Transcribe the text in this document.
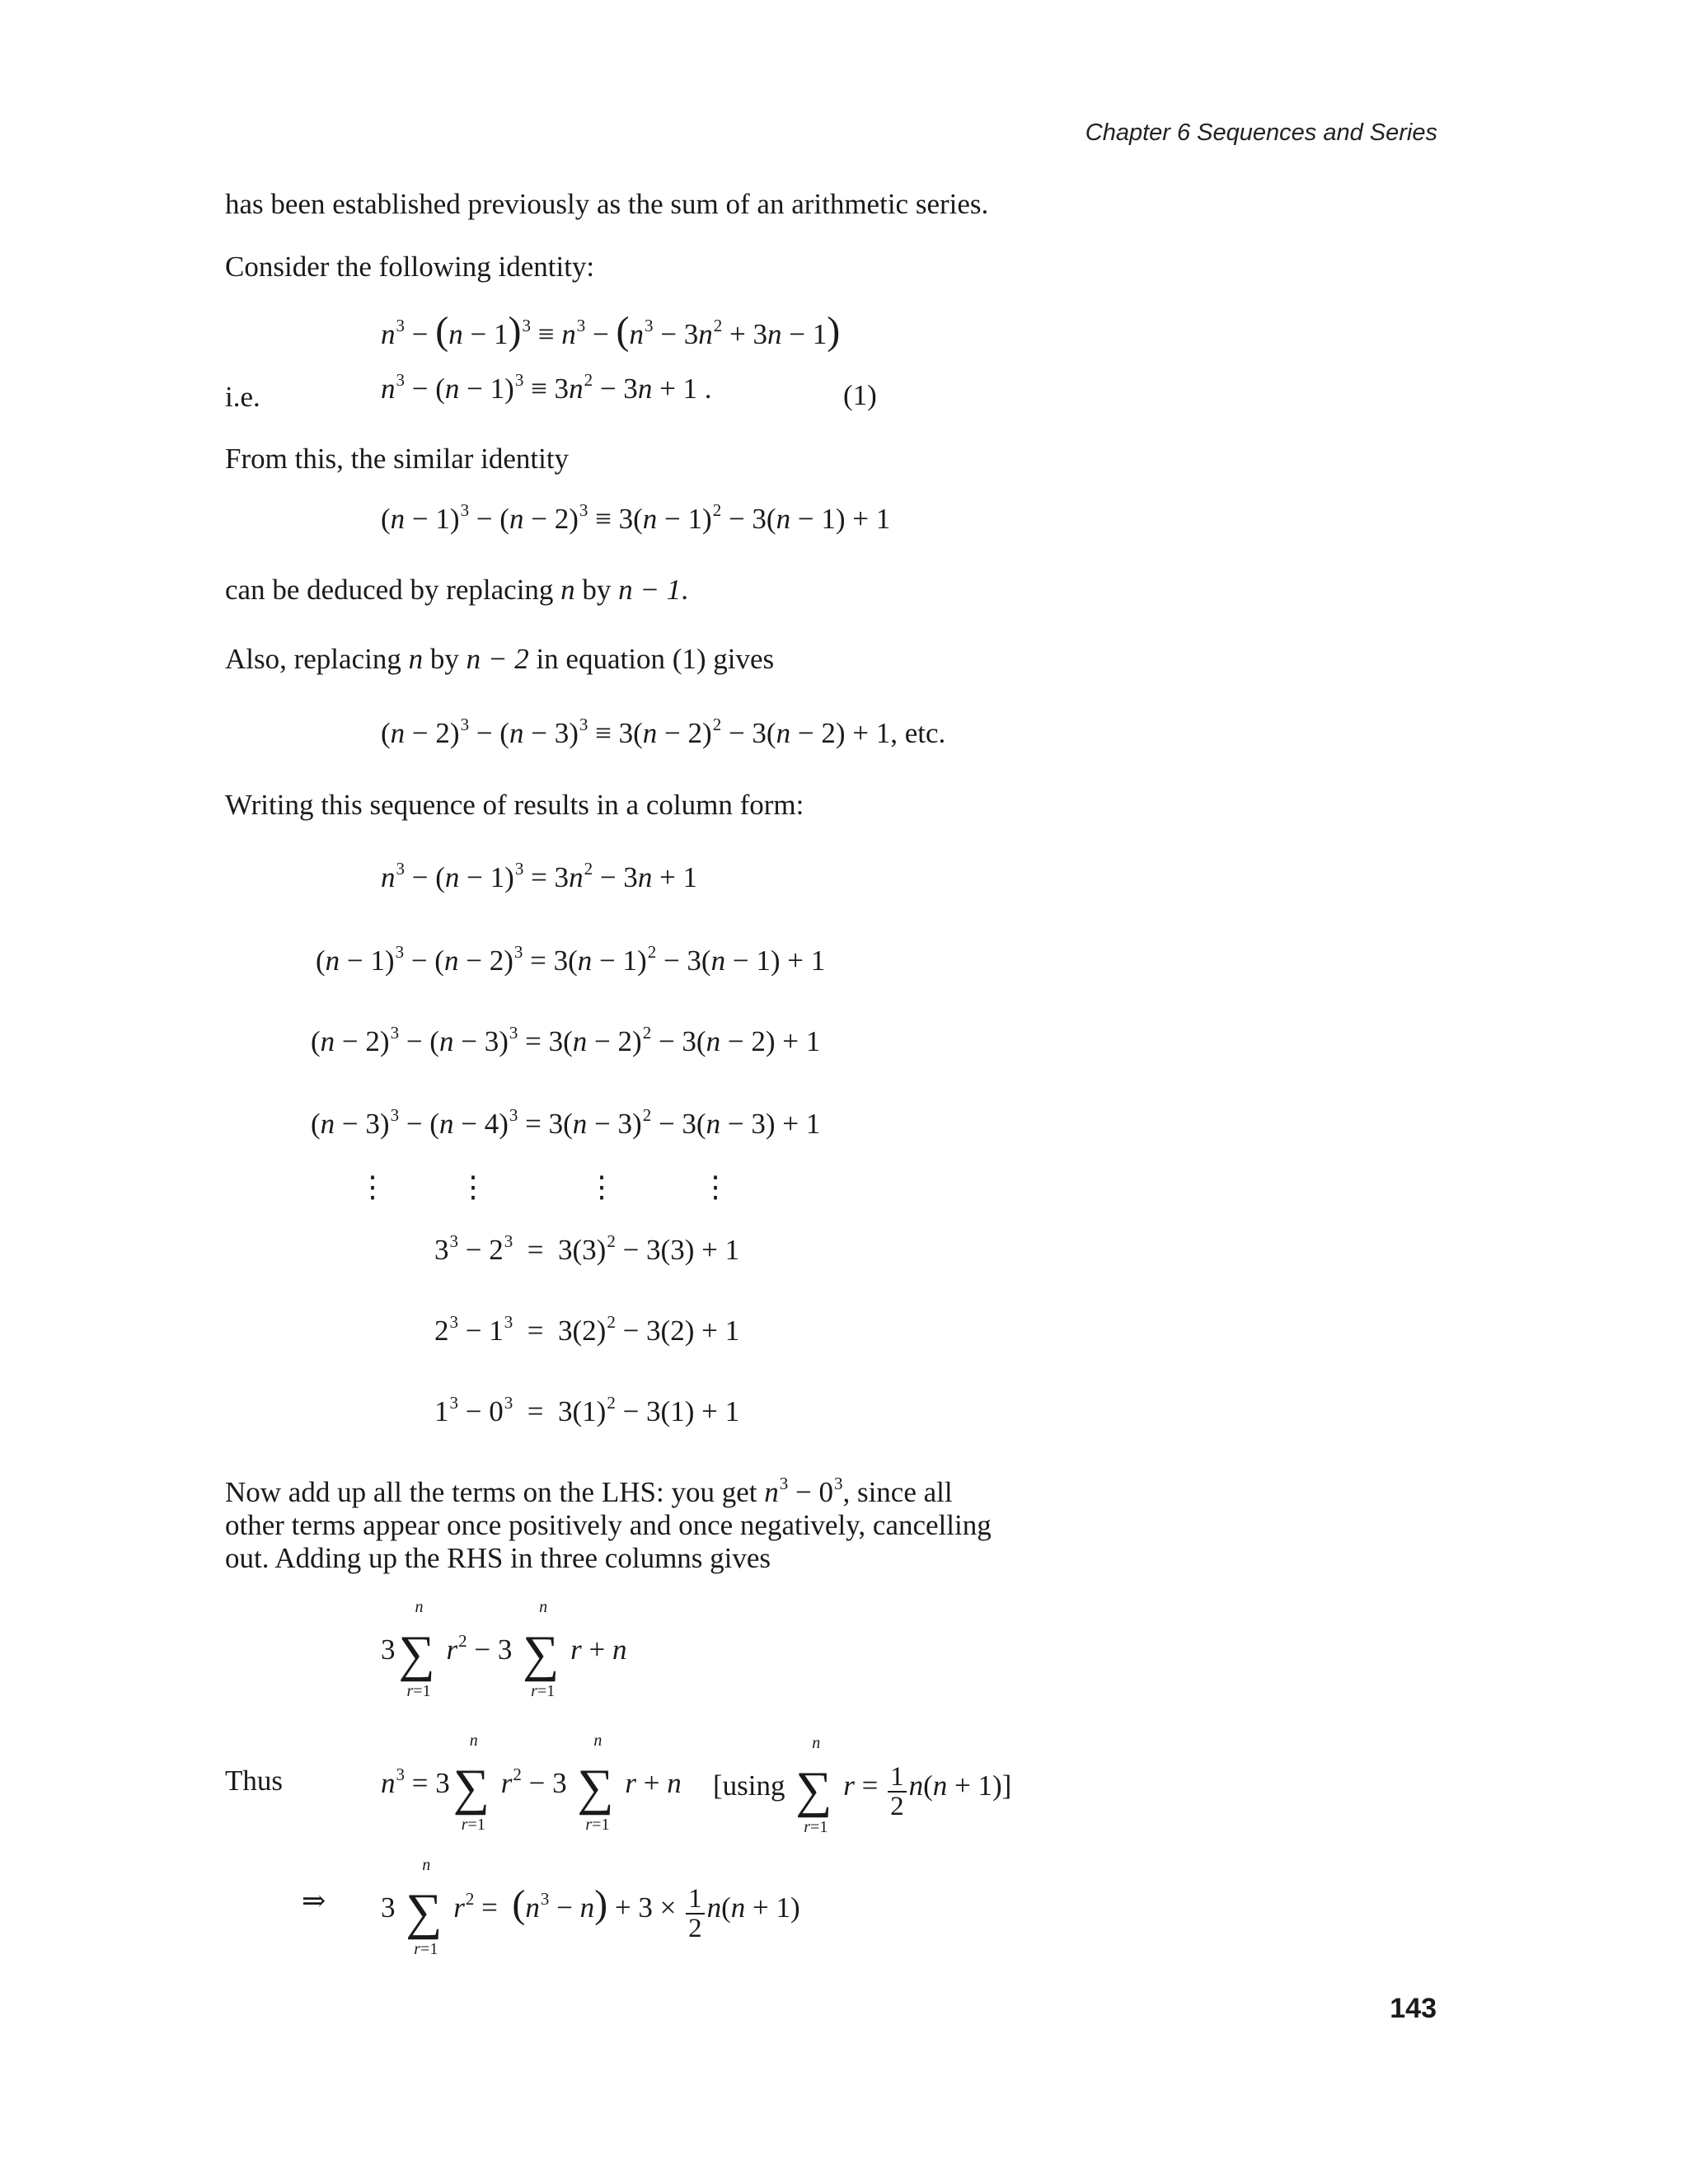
Chapter 6 Sequences and Series
has been established previously as the sum of an arithmetic series.
Consider the following identity:
$n^3 - (n - 1)^3 \equiv n^3 - (n^3 - 3n^2 + 3n - 1)$
i.e.	$n^3 - (n - 1)^3 \equiv 3n^2 - 3n + 1$ .	(1)
From this, the similar identity
$(n - 1)^3 - (n - 2)^3 \equiv 3(n - 1)^2 - 3(n - 1) + 1$
can be deduced by replacing n by n − 1.
Also, replacing n by n − 2 in equation (1) gives
$(n - 2)^3 - (n - 3)^3 \equiv 3(n - 2)^2 - 3(n - 2) + 1$, etc.
Writing this sequence of results in a column form:
$n^3 - (n - 1)^3 = 3n^2 - 3n + 1$
$(n - 1)^3 - (n - 2)^3 = 3(n - 1)^2 - 3(n - 1) + 1$
$(n - 2)^3 - (n - 3)^3 = 3(n - 2)^2 - 3(n - 2) + 1$
$(n - 3)^3 - (n - 4)^3 = 3(n - 3)^2 - 3(n - 3) + 1$
⋮ ⋮	⋮	⋮
$3^3 - 2^3 = 3(3)^2 - 3(3) + 1$
$2^3 - 1^3 = 3(2)^2 - 3(2) + 1$
$1^3 - 0^3 = 3(1)^2 - 3(1) + 1$
Now add up all the terms on the LHS: you get $n^3 - 0^3$, since all
other terms appear once positively and once negatively, cancelling
out. Adding up the RHS in three columns gives
3
n
∑
r=1
$r^2 - 3$
n
∑
r=1
r + n
Thus	$n^3 = 3$
n
∑
r=1
$r^2 - 3$
n
∑
r=1
r + n [using
n
∑
r=1
$r = \frac{1}{2} n(n + 1)$]
⇒ 3
n
∑
r=1
$r^2 = (n^3 - n) + 3 \times \frac{1}{2} n(n + 1)$
143
